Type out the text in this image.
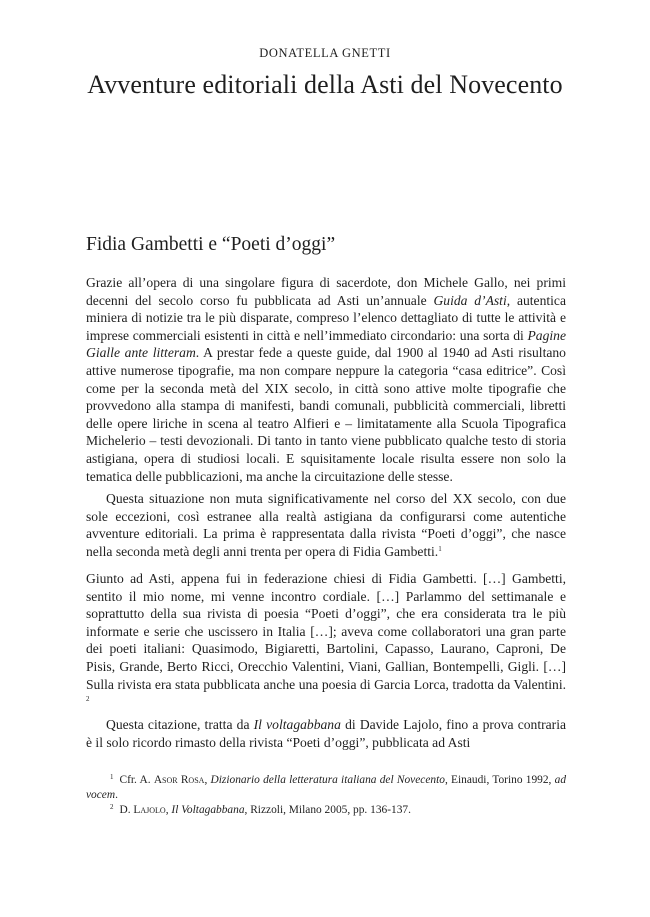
DONATELLA GNETTI
Avventure editoriali della Asti del Novecento
Fidia Gambetti e “Poeti d’oggi”

Grazie all’opera di una singolare figura di sacerdote, don Michele Gallo, nei primi decenni del secolo corso fu pubblicata ad Asti un’annuale Guida d’Asti, autentica miniera di notizie tra le più disparate, compreso l’elenco dettagliato di tutte le attività e imprese commerciali esistenti in città e nell’immediato circondario: una sorta di Pagine Gialle ante litteram. A prestar fede a queste guide, dal 1900 al 1940 ad Asti risultano attive numerose tipografie, ma non compare neppure la categoria “casa editrice”. Così come per la seconda metà del XIX secolo, in città sono attive molte tipografie che provvedono alla stampa di manifesti, bandi comunali, pubblicità commerciali, libretti delle opere liriche in scena al teatro Alfieri e – limitatamente alla Scuola Tipografica Michelerio – testi devozionali. Di tanto in tanto viene pubblicato qualche testo di storia astigiana, opera di studiosi locali. E squisitamente locale risulta essere non solo la tematica delle pubblicazioni, ma anche la circuitazione delle stesse.

Questa situazione non muta significativamente nel corso del XX secolo, con due sole eccezioni, così estranee alla realtà astigiana da configurarsi come autentiche avventure editoriali. La prima è rappresentata dalla rivista “Poeti d’oggi”, che nasce nella seconda metà degli anni trenta per opera di Fidia Gambetti.$^1$

Giunto ad Asti, appena fui in federazione chiesi di Fidia Gambetti. […] Gambetti, sentito il mio nome, mi venne incontro cordiale. […] Parlammo del settimanale e soprattutto della sua rivista di poesia “Poeti d’oggi”, che era considerata tra le più informate e serie che uscissero in Italia […]; aveva come collaboratori una gran parte dei poeti italiani: Quasimodo, Bigiaretti, Bartolini, Capasso, Laurano, Caproni, De Pisis, Grande, Berto Ricci, Orecchio Valentini, Viani, Gallian, Bontempelli, Gigli. […] Sulla rivista era stata pubblicata anche una poesia di Garcia Lorca, tradotta da Valentini. $^2$

Questa citazione, tratta da Il voltagabbana di Davide Lajolo, fino a prova contraria è il solo ricordo rimasto della rivista “Poeti d’oggi”, pubblicata ad Asti

$^1$ Cfr. A. Asor Rosa, Dizionario della letteratura italiana del Novecento, Einaudi, Torino 1992, ad vocem.

$^2$ D. Lajolo, Il Voltagabbana, Rizzoli, Milano 2005, pp. 136-137.
